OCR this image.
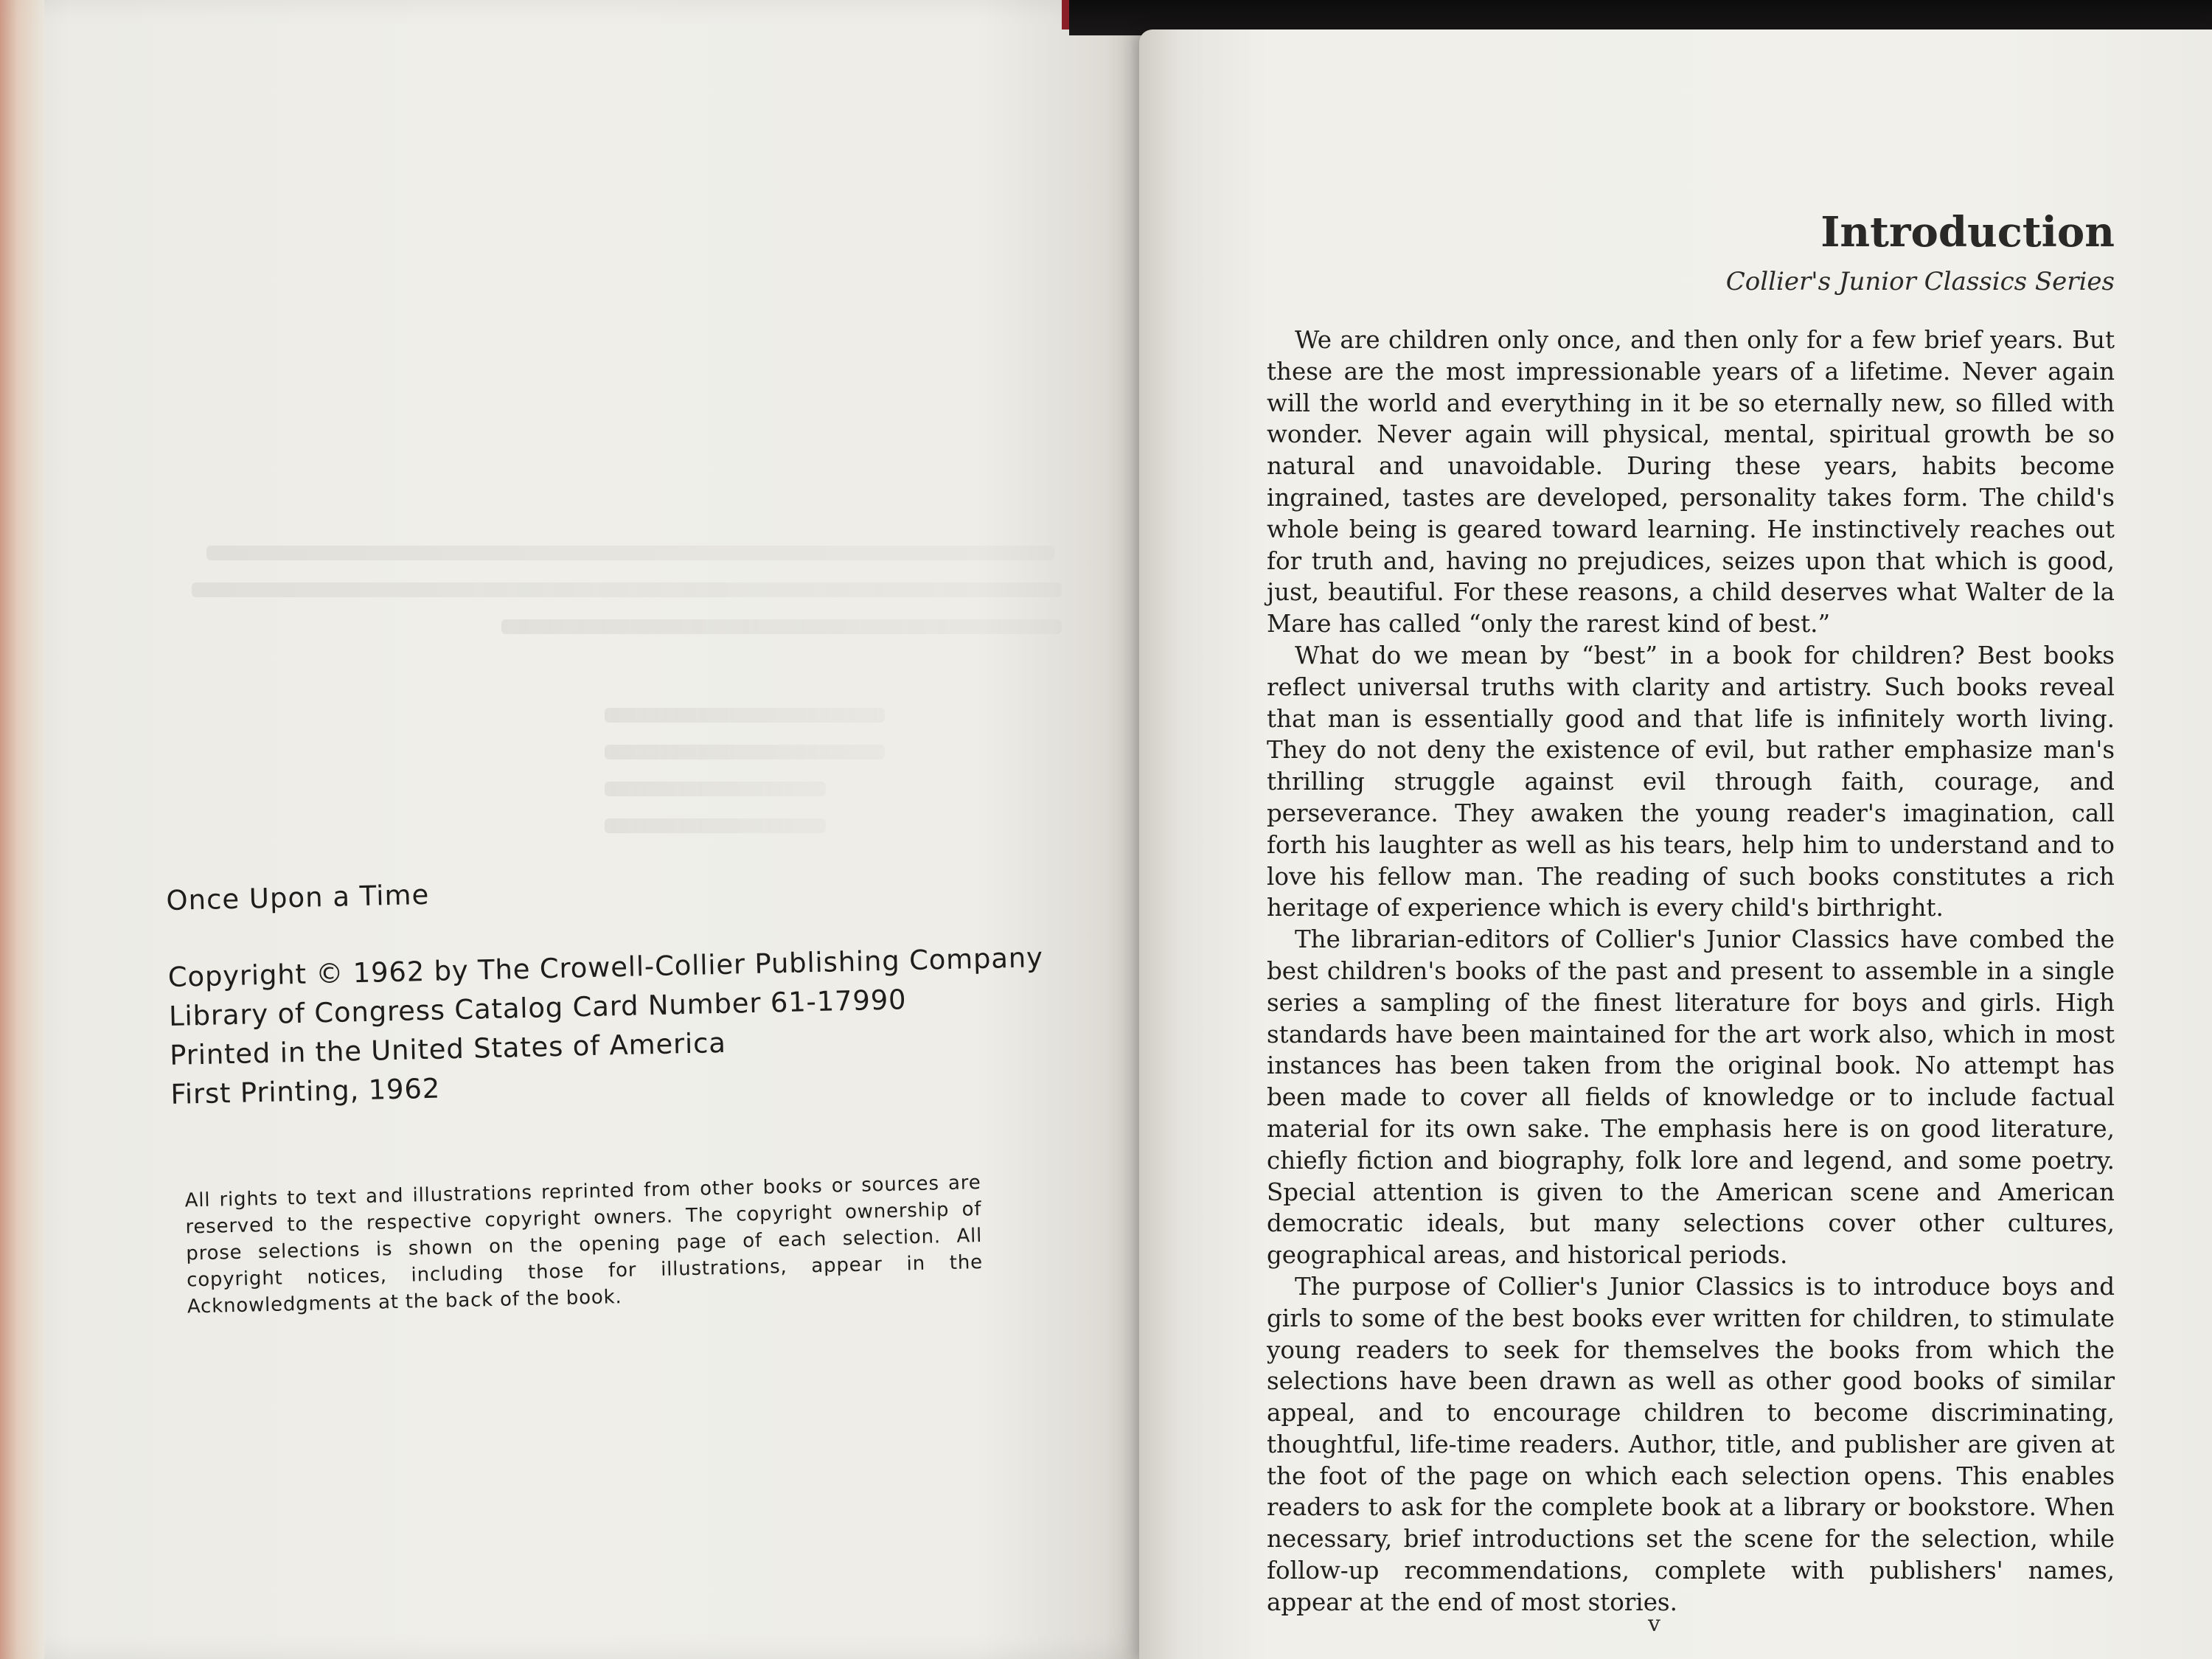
Once Upon a Time
Copyright © 1962 by The Crowell-Collier Publishing Company
Library of Congress Catalog Card Number 61-17990
Printed in the United States of America
First Printing, 1962
All rights to text and illustrations reprinted from other books or sources are reserved to the respective copyright owners. The copyright ownership of prose selections is shown on the opening page of each selection. All copyright notices, including those for illustrations, appear in the Acknowledgments at the back of the book.
Introduction
Collier's Junior Classics Series

We are children only once, and then only for a few brief years. But these are the most impressionable years of a lifetime. Never again will the world and everything in it be so eternally new, so filled with wonder. Never again will physical, mental, spiritual growth be so natural and unavoidable. During these years, habits become ingrained, tastes are developed, personality takes form. The child's whole being is geared toward learning. He instinctively reaches out for truth and, having no prejudices, seizes upon that which is good, just, beautiful. For these reasons, a child deserves what Walter de la Mare has called “only the rarest kind of best.”

What do we mean by “best” in a book for children? Best books reflect universal truths with clarity and artistry. Such books reveal that man is essentially good and that life is infinitely worth living. They do not deny the existence of evil, but rather emphasize man's thrilling struggle against evil through faith, courage, and perseverance. They awaken the young reader's imagination, call forth his laughter as well as his tears, help him to understand and to love his fellow man. The reading of such books constitutes a rich heritage of experience which is every child's birthright.

The librarian-editors of Collier's Junior Classics have combed the best children's books of the past and present to assemble in a single series a sampling of the finest literature for boys and girls. High standards have been maintained for the art work also, which in most instances has been taken from the original book. No attempt has been made to cover all fields of knowledge or to include factual material for its own sake. The emphasis here is on good literature, chiefly fiction and biography, folk lore and legend, and some poetry. Special attention is given to the American scene and American democratic ideals, but many selections cover other cultures, geographical areas, and historical periods.

The purpose of Collier's Junior Classics is to introduce boys and girls to some of the best books ever written for children, to stimulate young readers to seek for themselves the books from which the selections have been drawn as well as other good books of similar appeal, and to encourage children to become discriminating, thoughtful, life-time readers. Author, title, and publisher are given at the foot of the page on which each selection opens. This enables readers to ask for the complete book at a library or bookstore. When necessary, brief introductions set the scene for the selection, while follow-up recommendations, complete with publishers' names, appear at the end of most stories.

v
